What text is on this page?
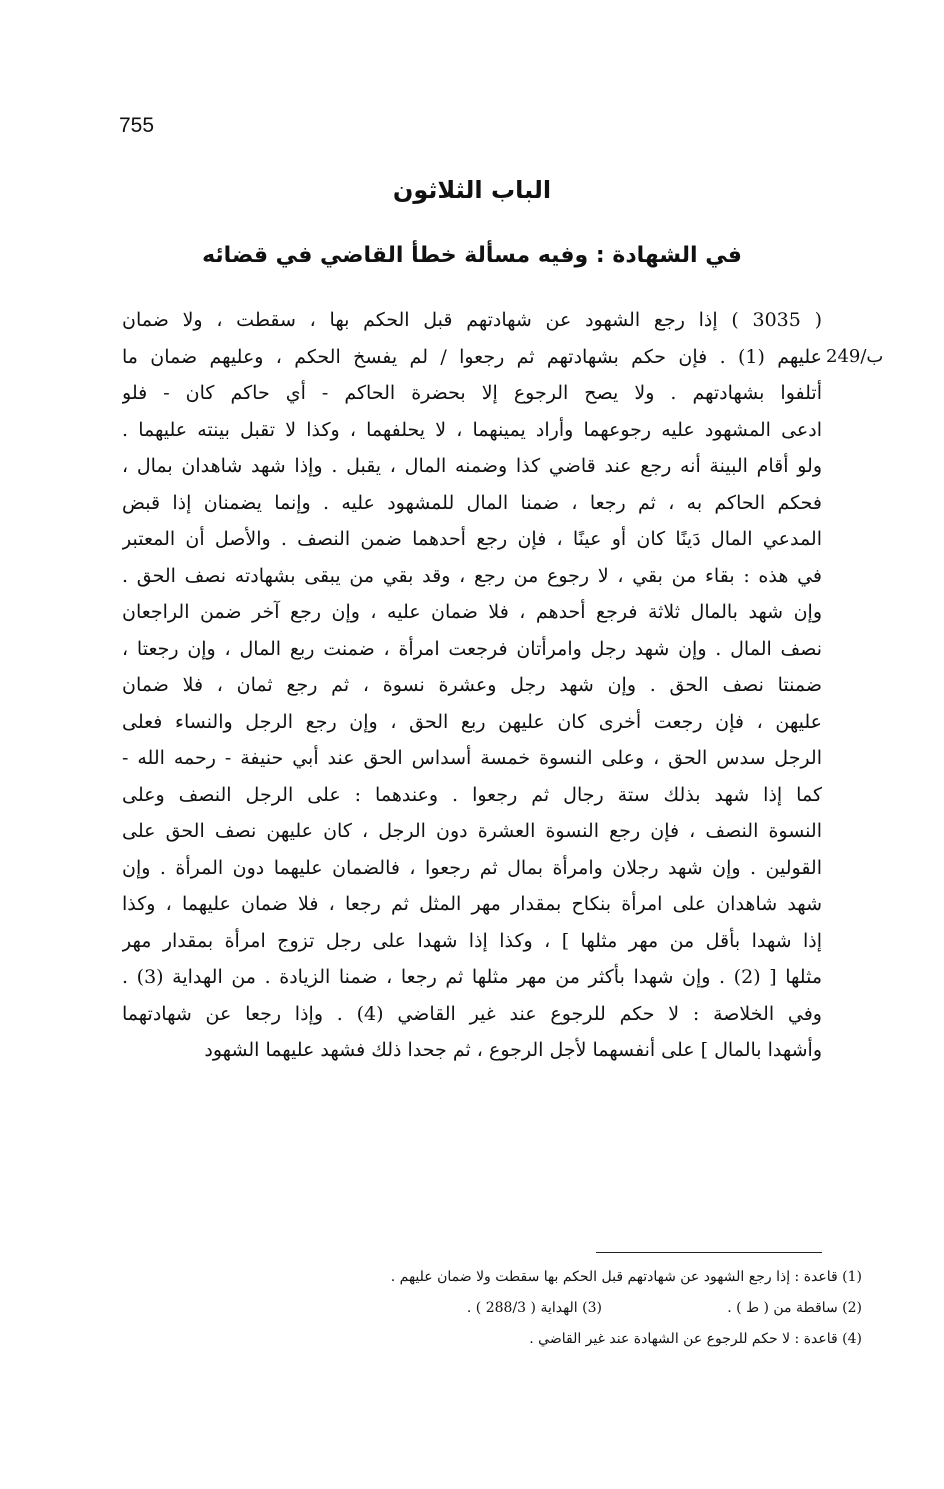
755
الباب الثلاثون
في الشهادة : وفيه مسألة خطأ القاضي في قضائه
249/ب
( 3035 ) إذا رجع الشهود عن شهادتهم قبل الحكم بها ، سقطت ، ولا ضمان
عليهم (1) . فإن حكم بشهادتهم ثم رجعوا / لم يفسخ الحكم ، وعليهم ضمان ما
أتلفوا بشهادتهم . ولا يصح الرجوع إلا بحضرة الحاكم - أي حاكم كان - فلو
ادعى المشهود عليه رجوعهما وأراد يمينهما ، لا يحلفهما ، وكذا لا تقبل بينته عليهما .
ولو أقام البينة أنه رجع عند قاضي كذا وضمنه المال ، يقبل . وإذا شهد شاهدان بمال ،
فحكم الحاكم به ، ثم رجعا ، ضمنا المال للمشهود عليه . وإنما يضمنان إذا قبض
المدعي المال دَينًا كان أو عينًا ، فإن رجع أحدهما ضمن النصف . والأصل أن المعتبر
في هذه : بقاء من بقي ، لا رجوع من رجع ، وقد بقي من يبقى بشهادته نصف الحق .
وإن شهد بالمال ثلاثة فرجع أحدهم ، فلا ضمان عليه ، وإن رجع آخر ضمن الراجعان
نصف المال . وإن شهد رجل وامرأتان فرجعت امرأة ، ضمنت ربع المال ، وإن رجعتا ،
ضمنتا نصف الحق . وإن شهد رجل وعشرة نسوة ، ثم رجع ثمان ، فلا ضمان
عليهن ، فإن رجعت أخرى كان عليهن ربع الحق ، وإن رجع الرجل والنساء فعلى
الرجل سدس الحق ، وعلى النسوة خمسة أسداس الحق عند أبي حنيفة - رحمه الله -
كما إذا شهد بذلك ستة رجال ثم رجعوا . وعندهما : على الرجل النصف وعلى
النسوة النصف ، فإن رجع النسوة العشرة دون الرجل ، كان عليهن نصف الحق على
القولين . وإن شهد رجلان وامرأة بمال ثم رجعوا ، فالضمان عليهما دون المرأة . وإن
شهد شاهدان على امرأة بنكاح بمقدار مهر المثل ثم رجعا ، فلا ضمان عليهما ، وكذا
إذا شهدا بأقل من مهر مثلها ] ، وكذا إذا شهدا على رجل تزوج امرأة بمقدار مهر
مثلها [ (2) . وإن شهدا بأكثر من مهر مثلها ثم رجعا ، ضمنا الزيادة . من الهداية (3) .
وفي الخلاصة : لا حكم للرجوع عند غير القاضي (4) . وإذا رجعا عن شهادتهما
وأشهدا بالمال ] على أنفسهما لأجل الرجوع ، ثم جحدا ذلك فشهد عليهما الشهود
(1) قاعدة : إذا رجع الشهود عن شهادتهم قبل الحكم بها سقطت ولا ضمان عليهم .
(2) ساقطة من ( ط ) .
(3) الهداية ( 288/3 ) .
(4) قاعدة : لا حكم للرجوع عن الشهادة عند غير القاضي .
